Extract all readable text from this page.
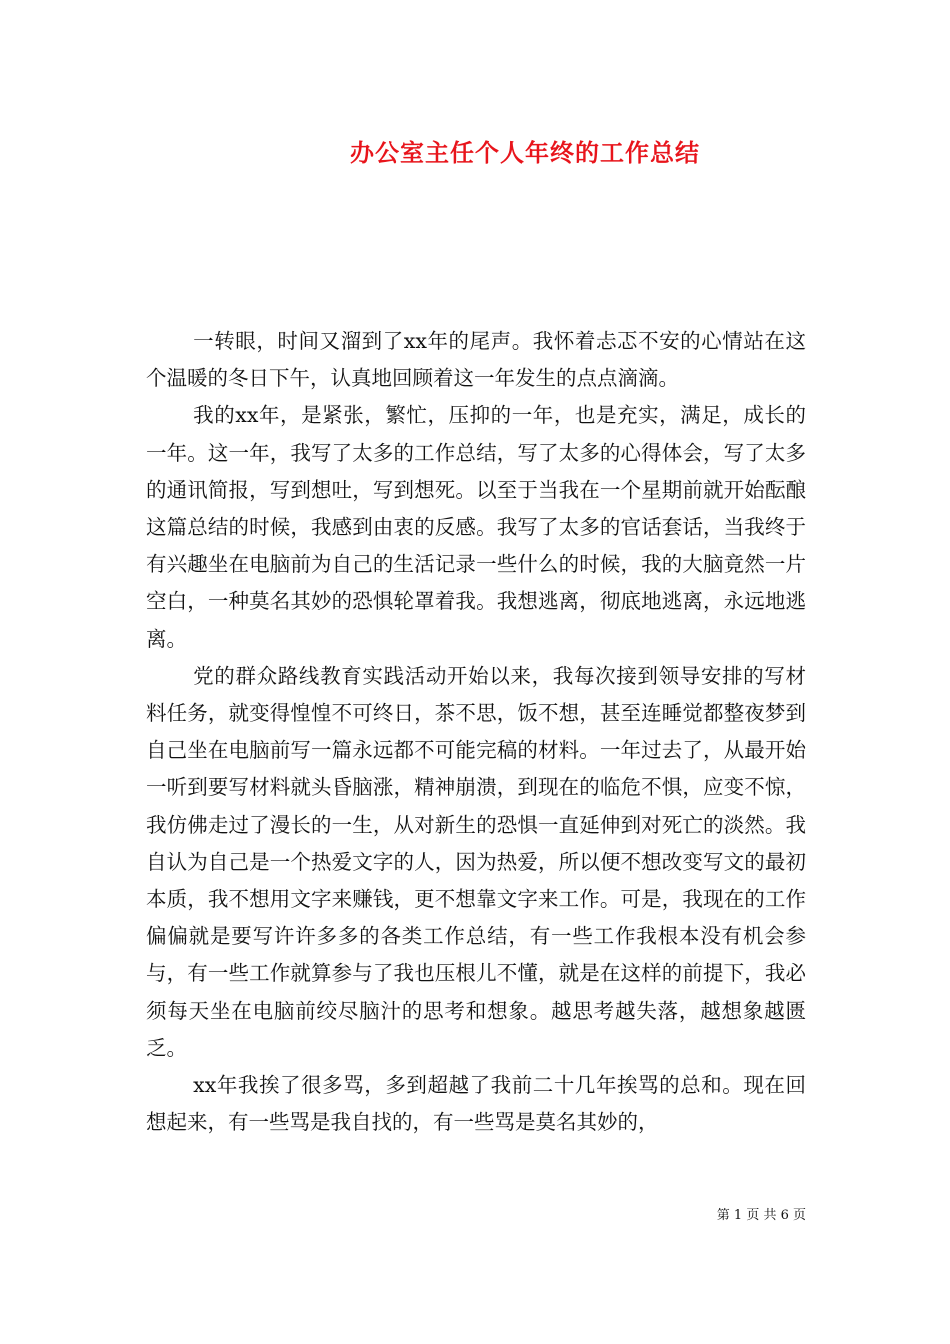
办公室主任个人年终的工作总结

一转眼，时间又溜到了xx年的尾声。我怀着忐忑不安的心情站在这个温暖的冬日下午，认真地回顾着这一年发生的点点滴滴。

我的xx年，是紧张，繁忙，压抑的一年，也是充实，满足，成长的一年。这一年，我写了太多的工作总结，写了太多的心得体会，写了太多的通讯简报，写到想吐，写到想死。以至于当我在一个星期前就开始酝酿这篇总结的时候，我感到由衷的反感。我写了太多的官话套话，当我终于有兴趣坐在电脑前为自己的生活记录一些什么的时候，我的大脑竟然一片空白，一种莫名其妙的恐惧轮罩着我。我想逃离，彻底地逃离，永远地逃离。

党的群众路线教育实践活动开始以来，我每次接到领导安排的写材料任务，就变得惶惶不可终日，茶不思，饭不想，甚至连睡觉都整夜梦到自己坐在电脑前写一篇永远都不可能完稿的材料。一年过去了，从最开始一听到要写材料就头昏脑涨，精神崩溃，到现在的临危不惧，应变不惊，我仿佛走过了漫长的一生，从对新生的恐惧一直延伸到对死亡的淡然。我自认为自己是一个热爱文字的人，因为热爱，所以便不想改变写文的最初本质，我不想用文字来赚钱，更不想靠文字来工作。可是，我现在的工作偏偏就是要写许许多多的各类工作总结，有一些工作我根本没有机会参与，有一些工作就算参与了我也压根儿不懂，就是在这样的前提下，我必须每天坐在电脑前绞尽脑汁的思考和想象。越思考越失落，越想象越匮乏。

xx年我挨了很多骂，多到超越了我前二十几年挨骂的总和。现在回想起来，有一些骂是我自找的，有一些骂是莫名其妙的，

第 1 页 共 6 页
